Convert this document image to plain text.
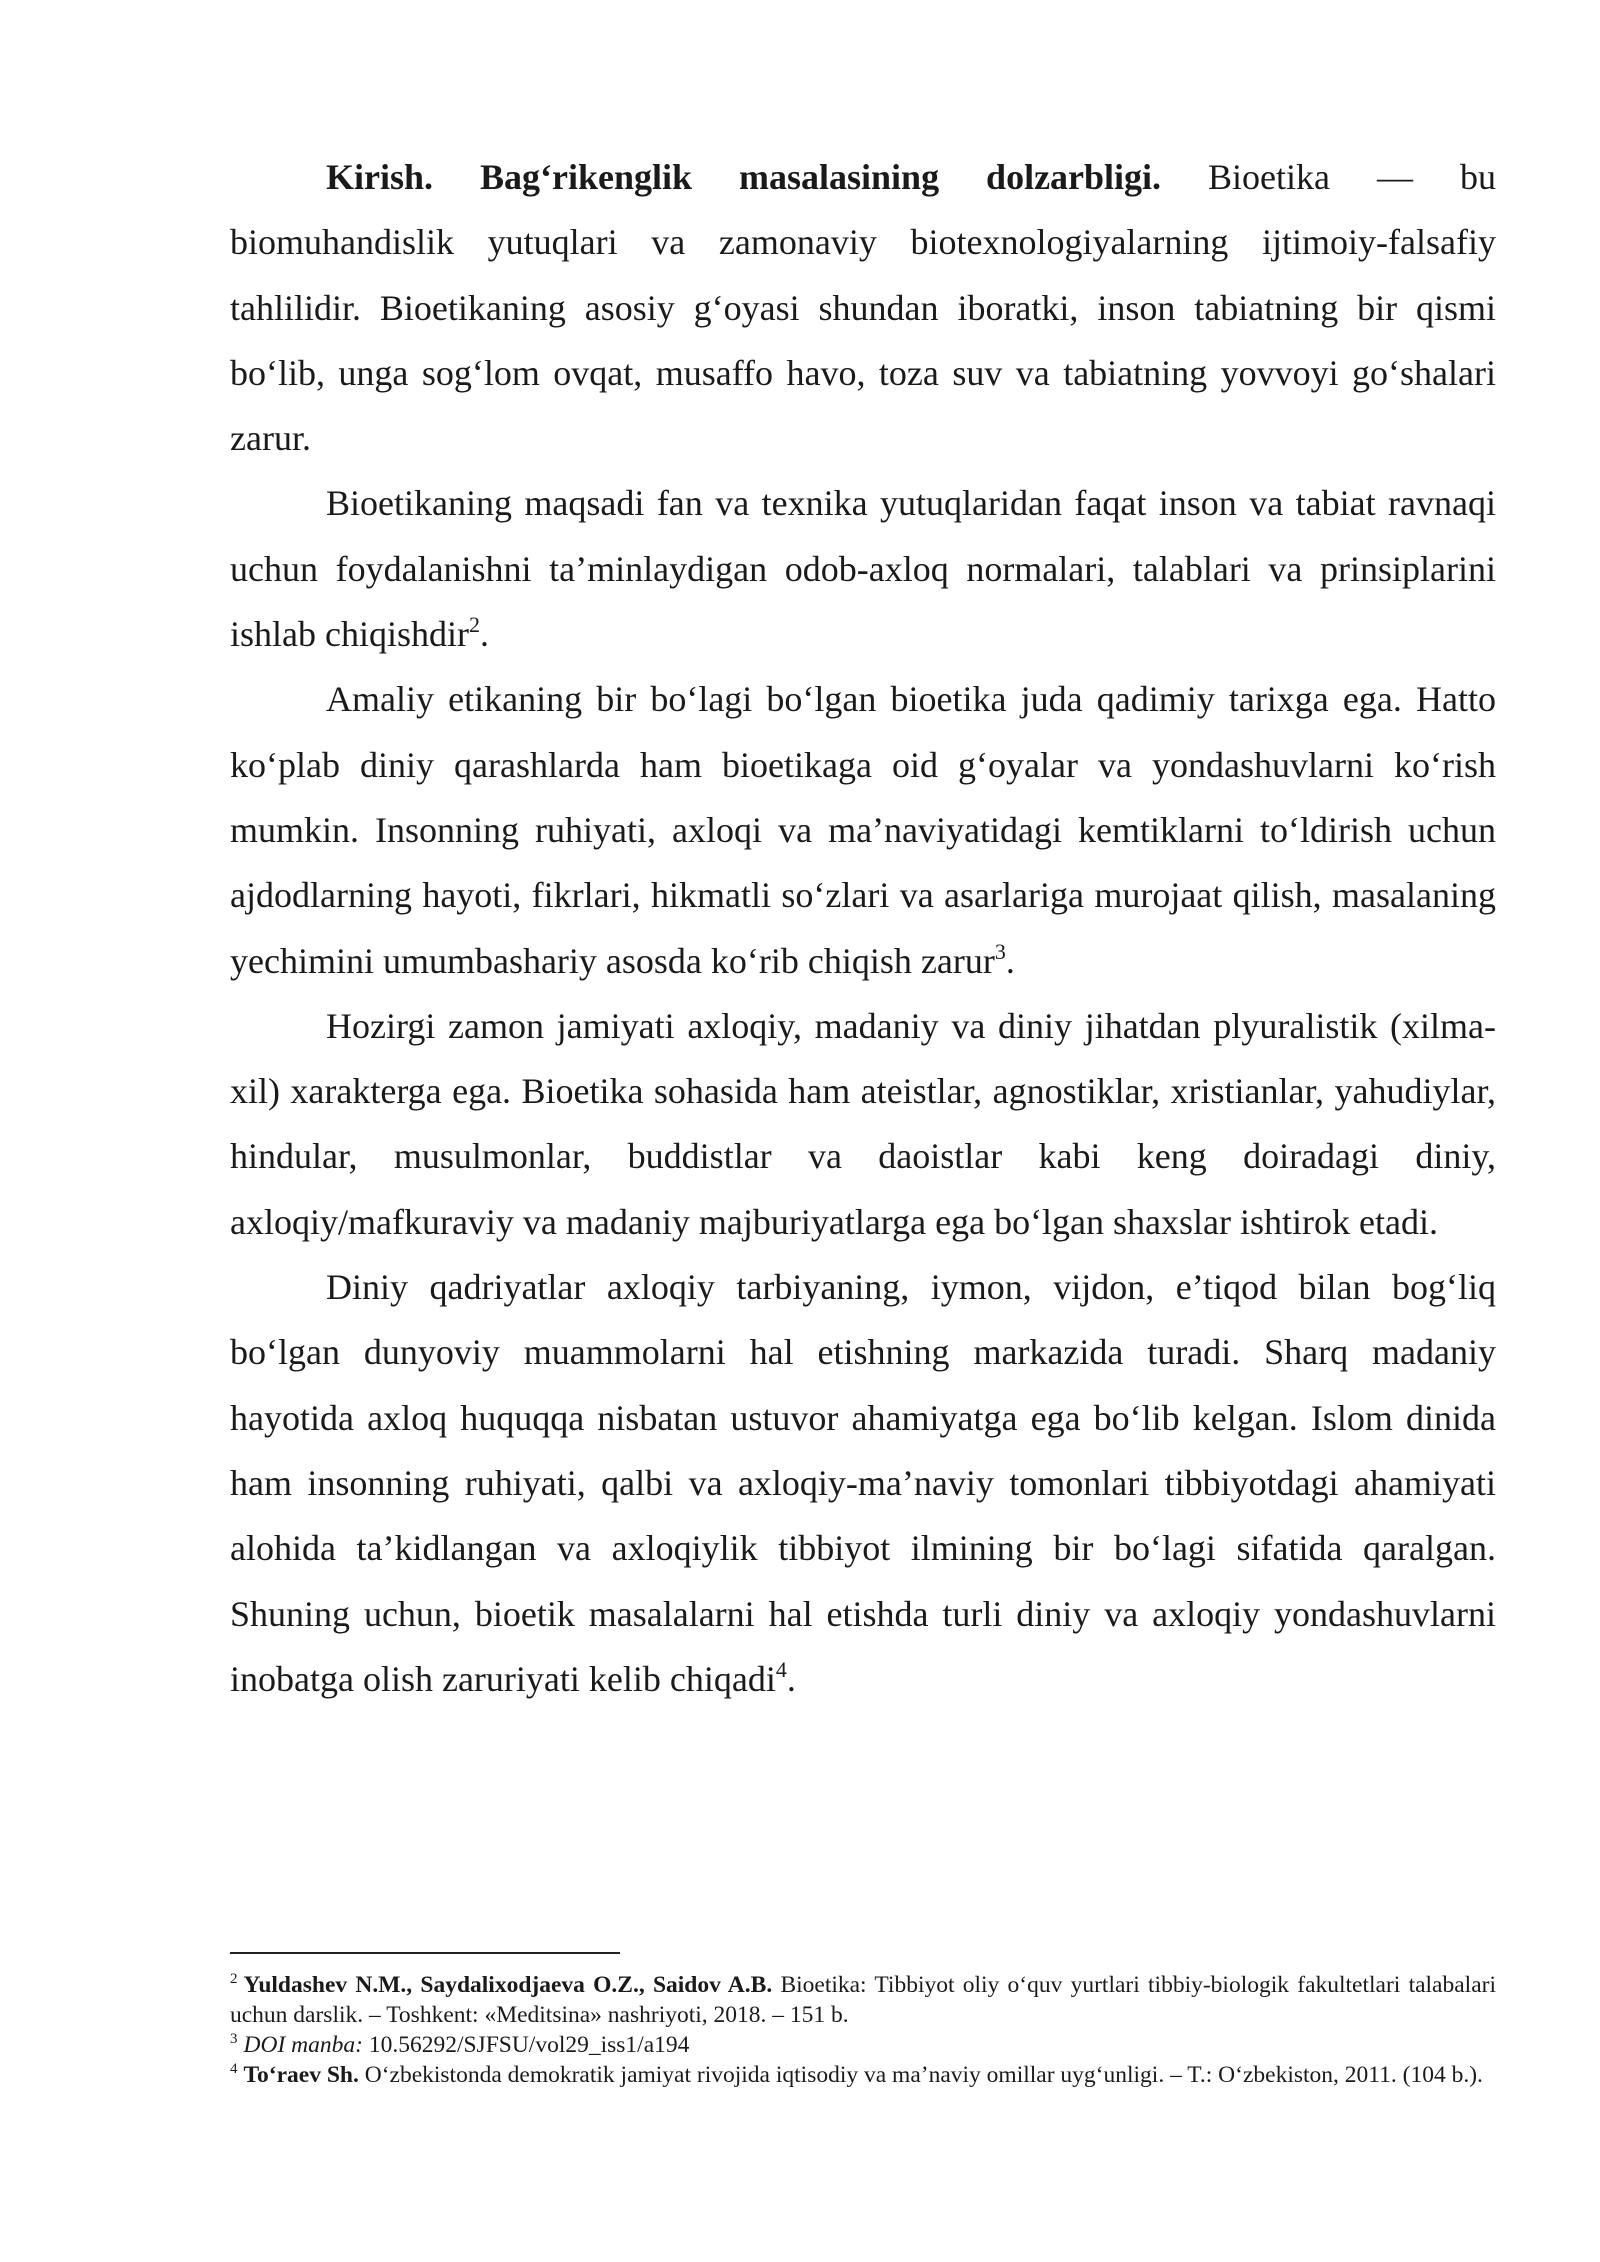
Kirish. Bag‘rikenglik masalasining dolzarbligi. Bioetika — bu biomuhandislik yutuqlari va zamonaviy biotexnologiyalarning ijtimoiy-falsafiy tahlilidir. Bioetikaning asosiy g‘oyasi shundan iboratki, inson tabiatning bir qismi bo‘lib, unga sog‘lom ovqat, musaffo havo, toza suv va tabiatning yovvoyi go‘shalari zarur.

Bioetikaning maqsadi fan va texnika yutuqlaridan faqat inson va tabiat ravnaqi uchun foydalanishni ta’minlaydigan odob-axloq normalari, talablari va prinsiplarini ishlab chiqishdir$^2$.

Amaliy etikaning bir bo‘lagi bo‘lgan bioetika juda qadimiy tarixga ega. Hatto ko‘plab diniy qarashlarda ham bioetikaga oid g‘oyalar va yondashuvlarni ko‘rish mumkin. Insonning ruhiyati, axloqi va ma’naviyatidagi kemtiklarni to‘ldirish uchun ajdodlarning hayoti, fikrlari, hikmatli so‘zlari va asarlariga murojaat qilish, masalaning yechimini umumbashariy asosda ko‘rib chiqish zarur$^3$.

Hozirgi zamon jamiyati axloqiy, madaniy va diniy jihatdan plyuralistik (xilma-xil) xarakterga ega. Bioetika sohasida ham ateistlar, agnostiklar, xristianlar, yahudiylar, hindular, musulmonlar, buddistlar va daoistlar kabi keng doiradagi diniy, axloqiy/mafkuraviy va madaniy majburiyatlarga ega bo‘lgan shaxslar ishtirok etadi.

Diniy qadriyatlar axloqiy tarbiyaning, iymon, vijdon, e’tiqod bilan bog‘liq bo‘lgan dunyoviy muammolarni hal etishning markazida turadi. Sharq madaniy hayotida axloq huquqqa nisbatan ustuvor ahamiyatga ega bo‘lib kelgan. Islom dinida ham insonning ruhiyati, qalbi va axloqiy-ma’naviy tomonlari tibbiyotdagi ahamiyati alohida ta’kidlangan va axloqiylik tibbiyot ilmining bir bo‘lagi sifatida qaralgan. Shuning uchun, bioetik masalalarni hal etishda turli diniy va axloqiy yondashuvlarni inobatga olish zaruriyati kelib chiqadi$^4$.

$^2$ Yuldashev N.M., Saydalixodjaeva O.Z., Saidov A.B. Bioetika: Tibbiyot oliy o‘quv yurtlari tibbiy-biologik fakultetlari talabalari uchun darslik. – Toshkent: «Meditsina» nashriyoti, 2018. – 151 b.

$^3$ DOI manba: 10.56292/SJFSU/vol29_iss1/a194

$^4$ To‘raev Sh. O‘zbekistonda demokratik jamiyat rivojida iqtisodiy va ma’naviy omillar uyg‘unligi. – T.: O‘zbekiston, 2011. (104 b.).
